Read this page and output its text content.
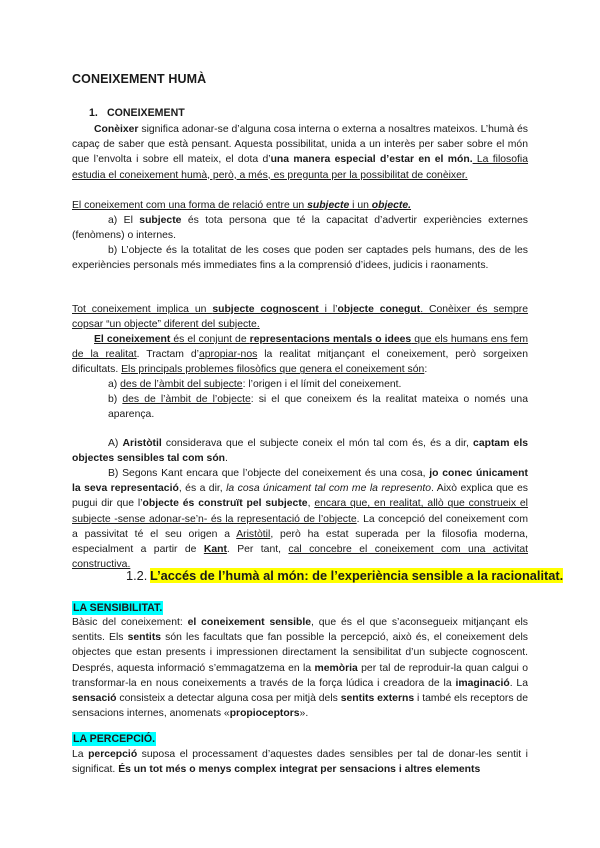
CONEIXEMENT HUMÀ
1. CONEIXEMENT
Conèixer significa adonar-se d’alguna cosa interna o externa a nosaltres mateixos. L’humà és capaç de saber que està pensant. Aquesta possibilitat, unida a un interès per saber sobre el món que l’envolta i sobre ell mateix, el dota d’una manera especial d’estar en el món. La filosofia estudia el coneixement humà, però, a més, es pregunta per la possibilitat de conèixer.
El coneixement com una forma de relació entre un subjecte i un objecte.
a) El subjecte és tota persona que té la capacitat d’advertir experiències externes (fenòmens) o internes.
b) L’objecte és la totalitat de les coses que poden ser captades pels humans, des de les experiències personals més immediates fins a la comprensió d’idees, judicis i raonaments.
Tot coneixement implica un subjecte cognoscent i l’objecte conegut. Conèixer és sempre copsar “un objecte” diferent del subjecte.
El coneixement és el conjunt de representacions mentals o idees que els humans ens fem de la realitat. Tractam d’apropiar-nos la realitat mitjançant el coneixement, però sorgeixen dificultats. Els principals problemes filosòfics que genera el coneixement són:
a) des de l’àmbit del subjecte: l’origen i el límit del coneixement.
b) des de l’àmbit de l’objecte: si el que coneixem és la realitat mateixa o només una aparença.
A) Aristòtil considerava que el subjecte coneix el món tal com és, és a dir, captam els objectes sensibles tal com són.
B) Segons Kant encara que l’objecte del coneixement és una cosa, jo conec únicament la seva representació, és a dir, la cosa únicament tal com me la represento. Això explica que es pugui dir que l’objecte és construït pel subjecte, encara que, en realitat, allò que construeix el subjecte -sense adonar-se’n- és la representació de l’objecte. La concepció del coneixement com a passivitat té el seu origen a Aristòtil, però ha estat superada per la filosofia moderna, especialment a partir de Kant. Per tant, cal concebre el coneixement com una activitat constructiva.
1.2. L’accés de l’humà al món: de l’experiència sensible a la racionalitat.
LA SENSIBILITAT.
Bàsic del coneixement: el coneixement sensible, que és el que s’aconsegueix mitjançant els sentits. Els sentits són les facultats que fan possible la percepció, això és, el coneixement dels objectes que estan presents i impressionen directament la sensibilitat d’un subjecte cognoscent. Després, aquesta informació s’emmagatzema en la memòria per tal de reproduir-la quan calgui o transformar-la en nous coneixements a través de la força lúdica i creadora de la imaginació. La sensació consisteix a detectar alguna cosa per mitjà dels sentits externs i també els receptors de sensacions internes, anomenats «propioceptors».
LA PERCEPCIÓ.
La percepció suposa el processament d’aquestes dades sensibles per tal de donar-les sentit i significat. És un tot més o menys complex integrat per sensacions i altres elements
